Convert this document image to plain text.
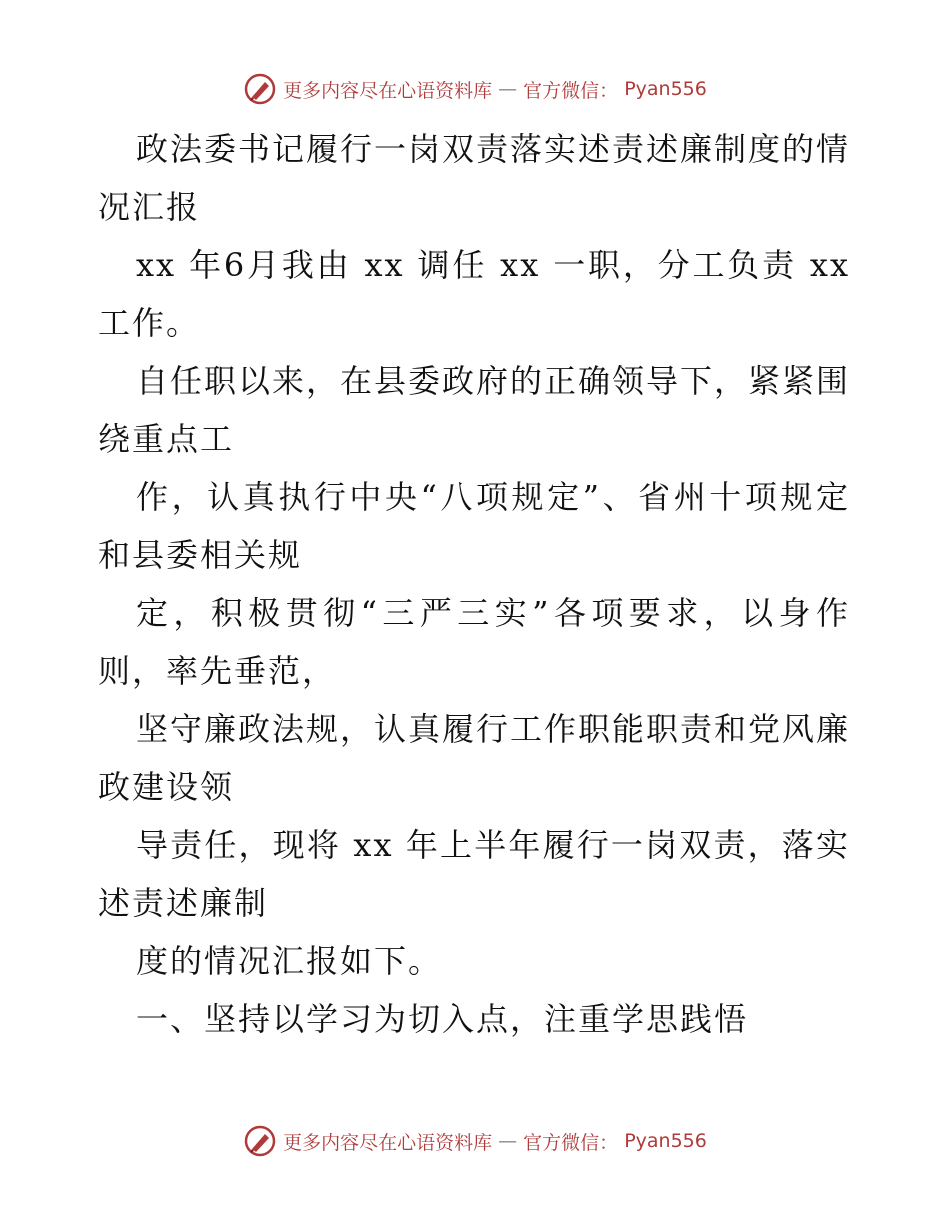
更多内容尽在心语资料库 — 官方微信： Pyan556

政法委书记履行一岗双责落实述责述廉制度的情况汇报

xx 年6月我由 xx 调任 xx 一职，分工负责 xx 工作。

自任职以来，在县委政府的正确领导下，紧紧围绕重点工

作，认真执行中央“八项规定”、省州十项规定和县委相关规

定，积极贯彻“三严三实”各项要求，以身作则，率先垂范，

坚守廉政法规，认真履行工作职能职责和党风廉政建设领

导责任，现将 xx 年上半年履行一岗双责，落实述责述廉制

度的情况汇报如下。

一、坚持以学习为切入点，注重学思践悟

更多内容尽在心语资料库 — 官方微信： Pyan556
